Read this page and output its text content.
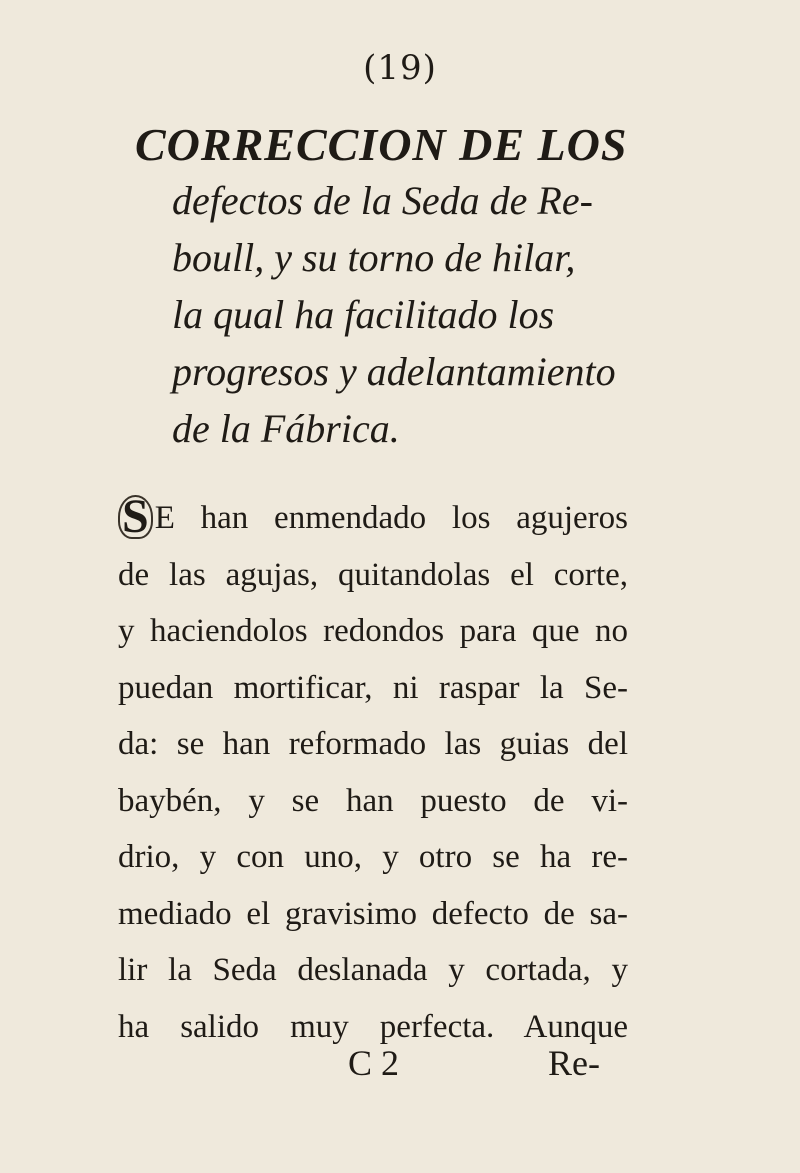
(19)
CORRECCION DE LOS
defectos de la Seda de Re-
boull, y su torno de hilar,
la qual ha facilitado los
progresos y adelantamiento
de la Fábrica.
S E han enmendado los agujeros
de las agujas, quitandolas el corte,
y haciendolos redondos para que no
puedan mortificar, ni raspar la Se-
da: se han reformado las guias del
baybén, y se han puesto de vi-
drio, y con uno, y otro se ha re-
mediado el gravisimo defecto de sa-
lir la Seda deslanada y cortada, y
ha salido muy perfecta. Aunque
C 2	Re-
